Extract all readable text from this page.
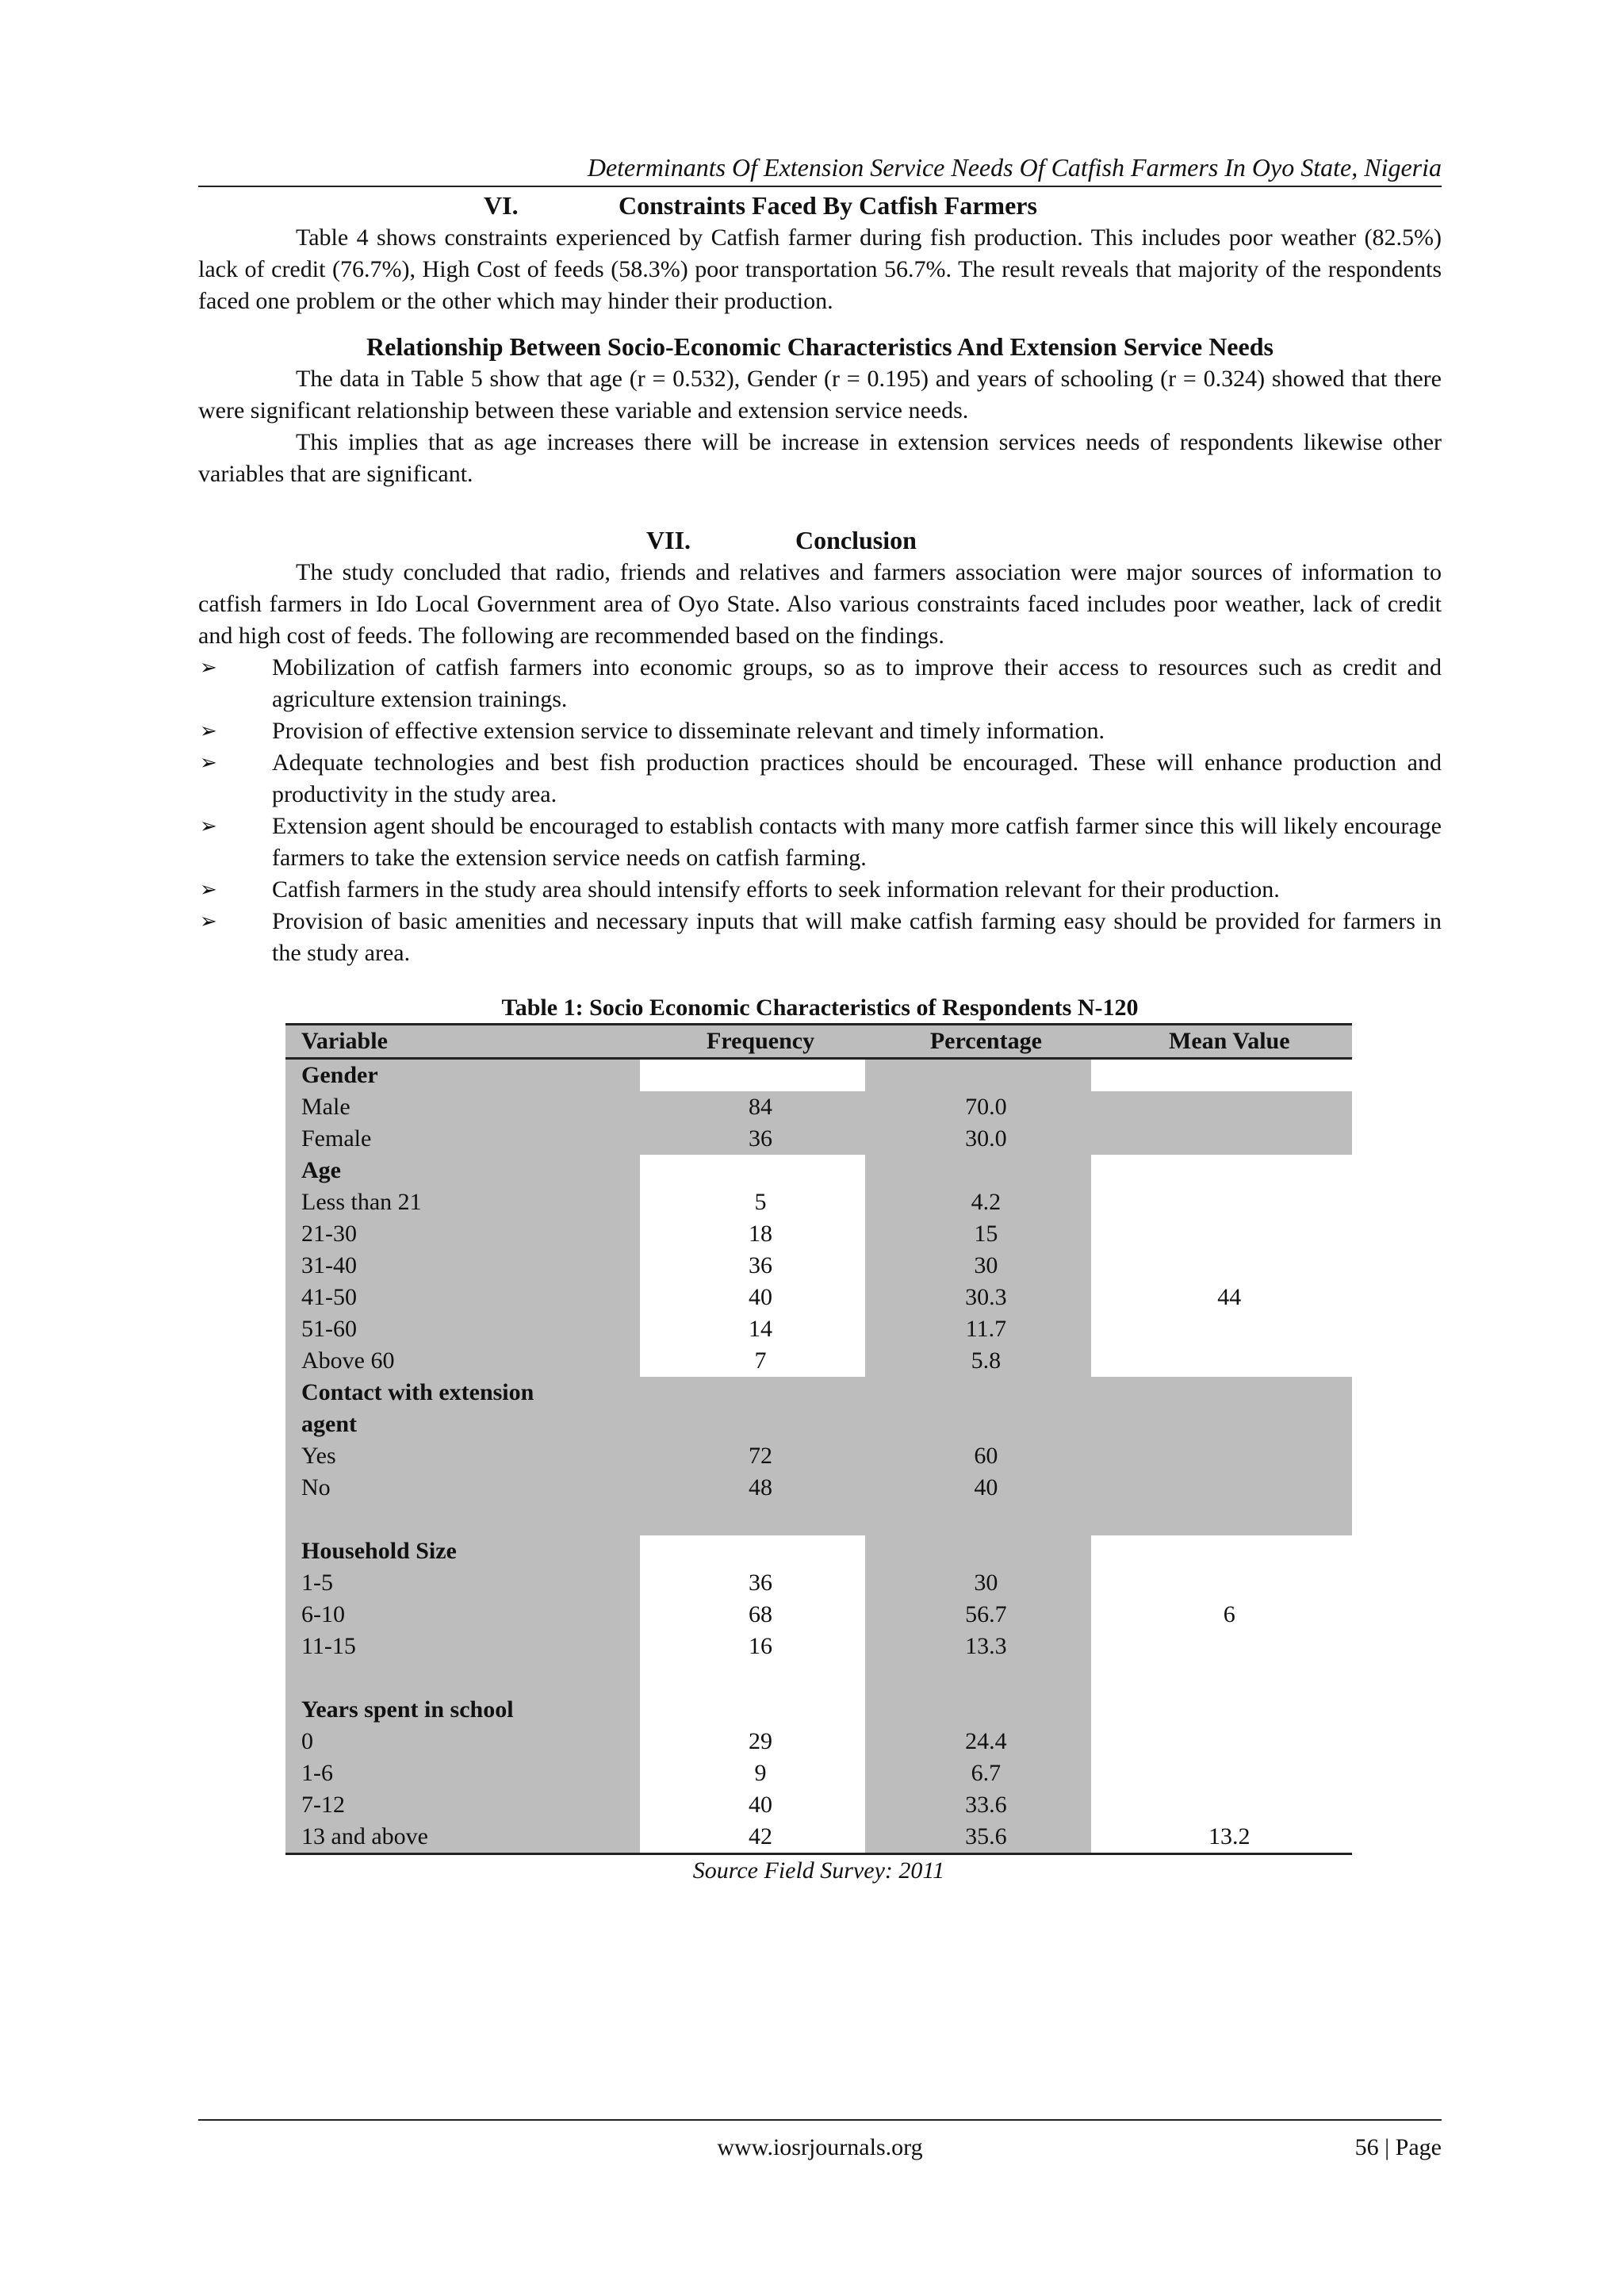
Determinants Of Extension Service Needs Of Catfish Farmers In Oyo State, Nigeria
VI.	Constraints Faced By Catfish Farmers

Table 4 shows constraints experienced by Catfish farmer during fish production. This includes poor weather (82.5%) lack of credit (76.7%), High Cost of feeds (58.3%) poor transportation 56.7%. The result reveals that majority of the respondents faced one problem or the other which may hinder their production.

Relationship Between Socio-Economic Characteristics And Extension Service Needs

The data in Table 5 show that age (r = 0.532), Gender (r = 0.195) and years of schooling (r = 0.324) showed that there were significant relationship between these variable and extension service needs.

This implies that as age increases there will be increase in extension services needs of respondents likewise other variables that are significant.

VII.	Conclusion

The study concluded that radio, friends and relatives and farmers association were major sources of information to catfish farmers in Ido Local Government area of Oyo State. Also various constraints faced includes poor weather, lack of credit and high cost of feeds. The following are recommended based on the findings.

➢ Mobilization of catfish farmers into economic groups, so as to improve their access to resources such as credit and agriculture extension trainings.
➢ Provision of effective extension service to disseminate relevant and timely information.
➢ Adequate technologies and best fish production practices should be encouraged. These will enhance production and productivity in the study area.
➢ Extension agent should be encouraged to establish contacts with many more catfish farmer since this will likely encourage farmers to take the extension service needs on catfish farming.
➢ Catfish farmers in the study area should intensify efforts to seek information relevant for their production.
➢ Provision of basic amenities and necessary inputs that will make catfish farming easy should be provided for farmers in the study area.
Table 1: Socio Economic Characteristics of Respondents N-120
Variable	Frequency	Percentage	Mean Value
Gender			
Male	84	70.0	
Female	36	30.0	
Age			
Less than 21	5	4.2	
21-30	18	15	
31-40	36	30	
41-50	40	30.3	44
51-60	14	11.7	
Above 60	7	5.8	
Contact with extension			
agent			
Yes	72	60	
No	48	40	

Household Size			
1-5	36	30	
6-10	68	56.7	6
11-15	16	13.3	

Years spent in school			
0	29	24.4	
1-6	9	6.7	
7-12	40	33.6	
13 and above	42	35.6	13.2
Source Field Survey: 2011
www.iosrjournals.org	56 | Page
